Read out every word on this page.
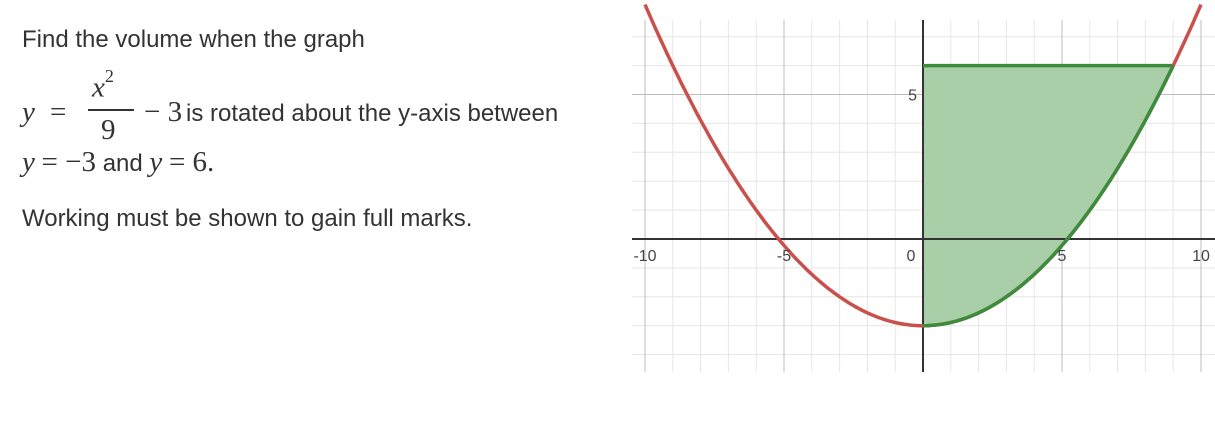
Find the volume when the graph
y =
$x^2$
9
− 3 is rotated about the y-axis between
y = −3 and y = 6.
Working must be shown to gain full marks.
-10	-5	0	5	10
5
